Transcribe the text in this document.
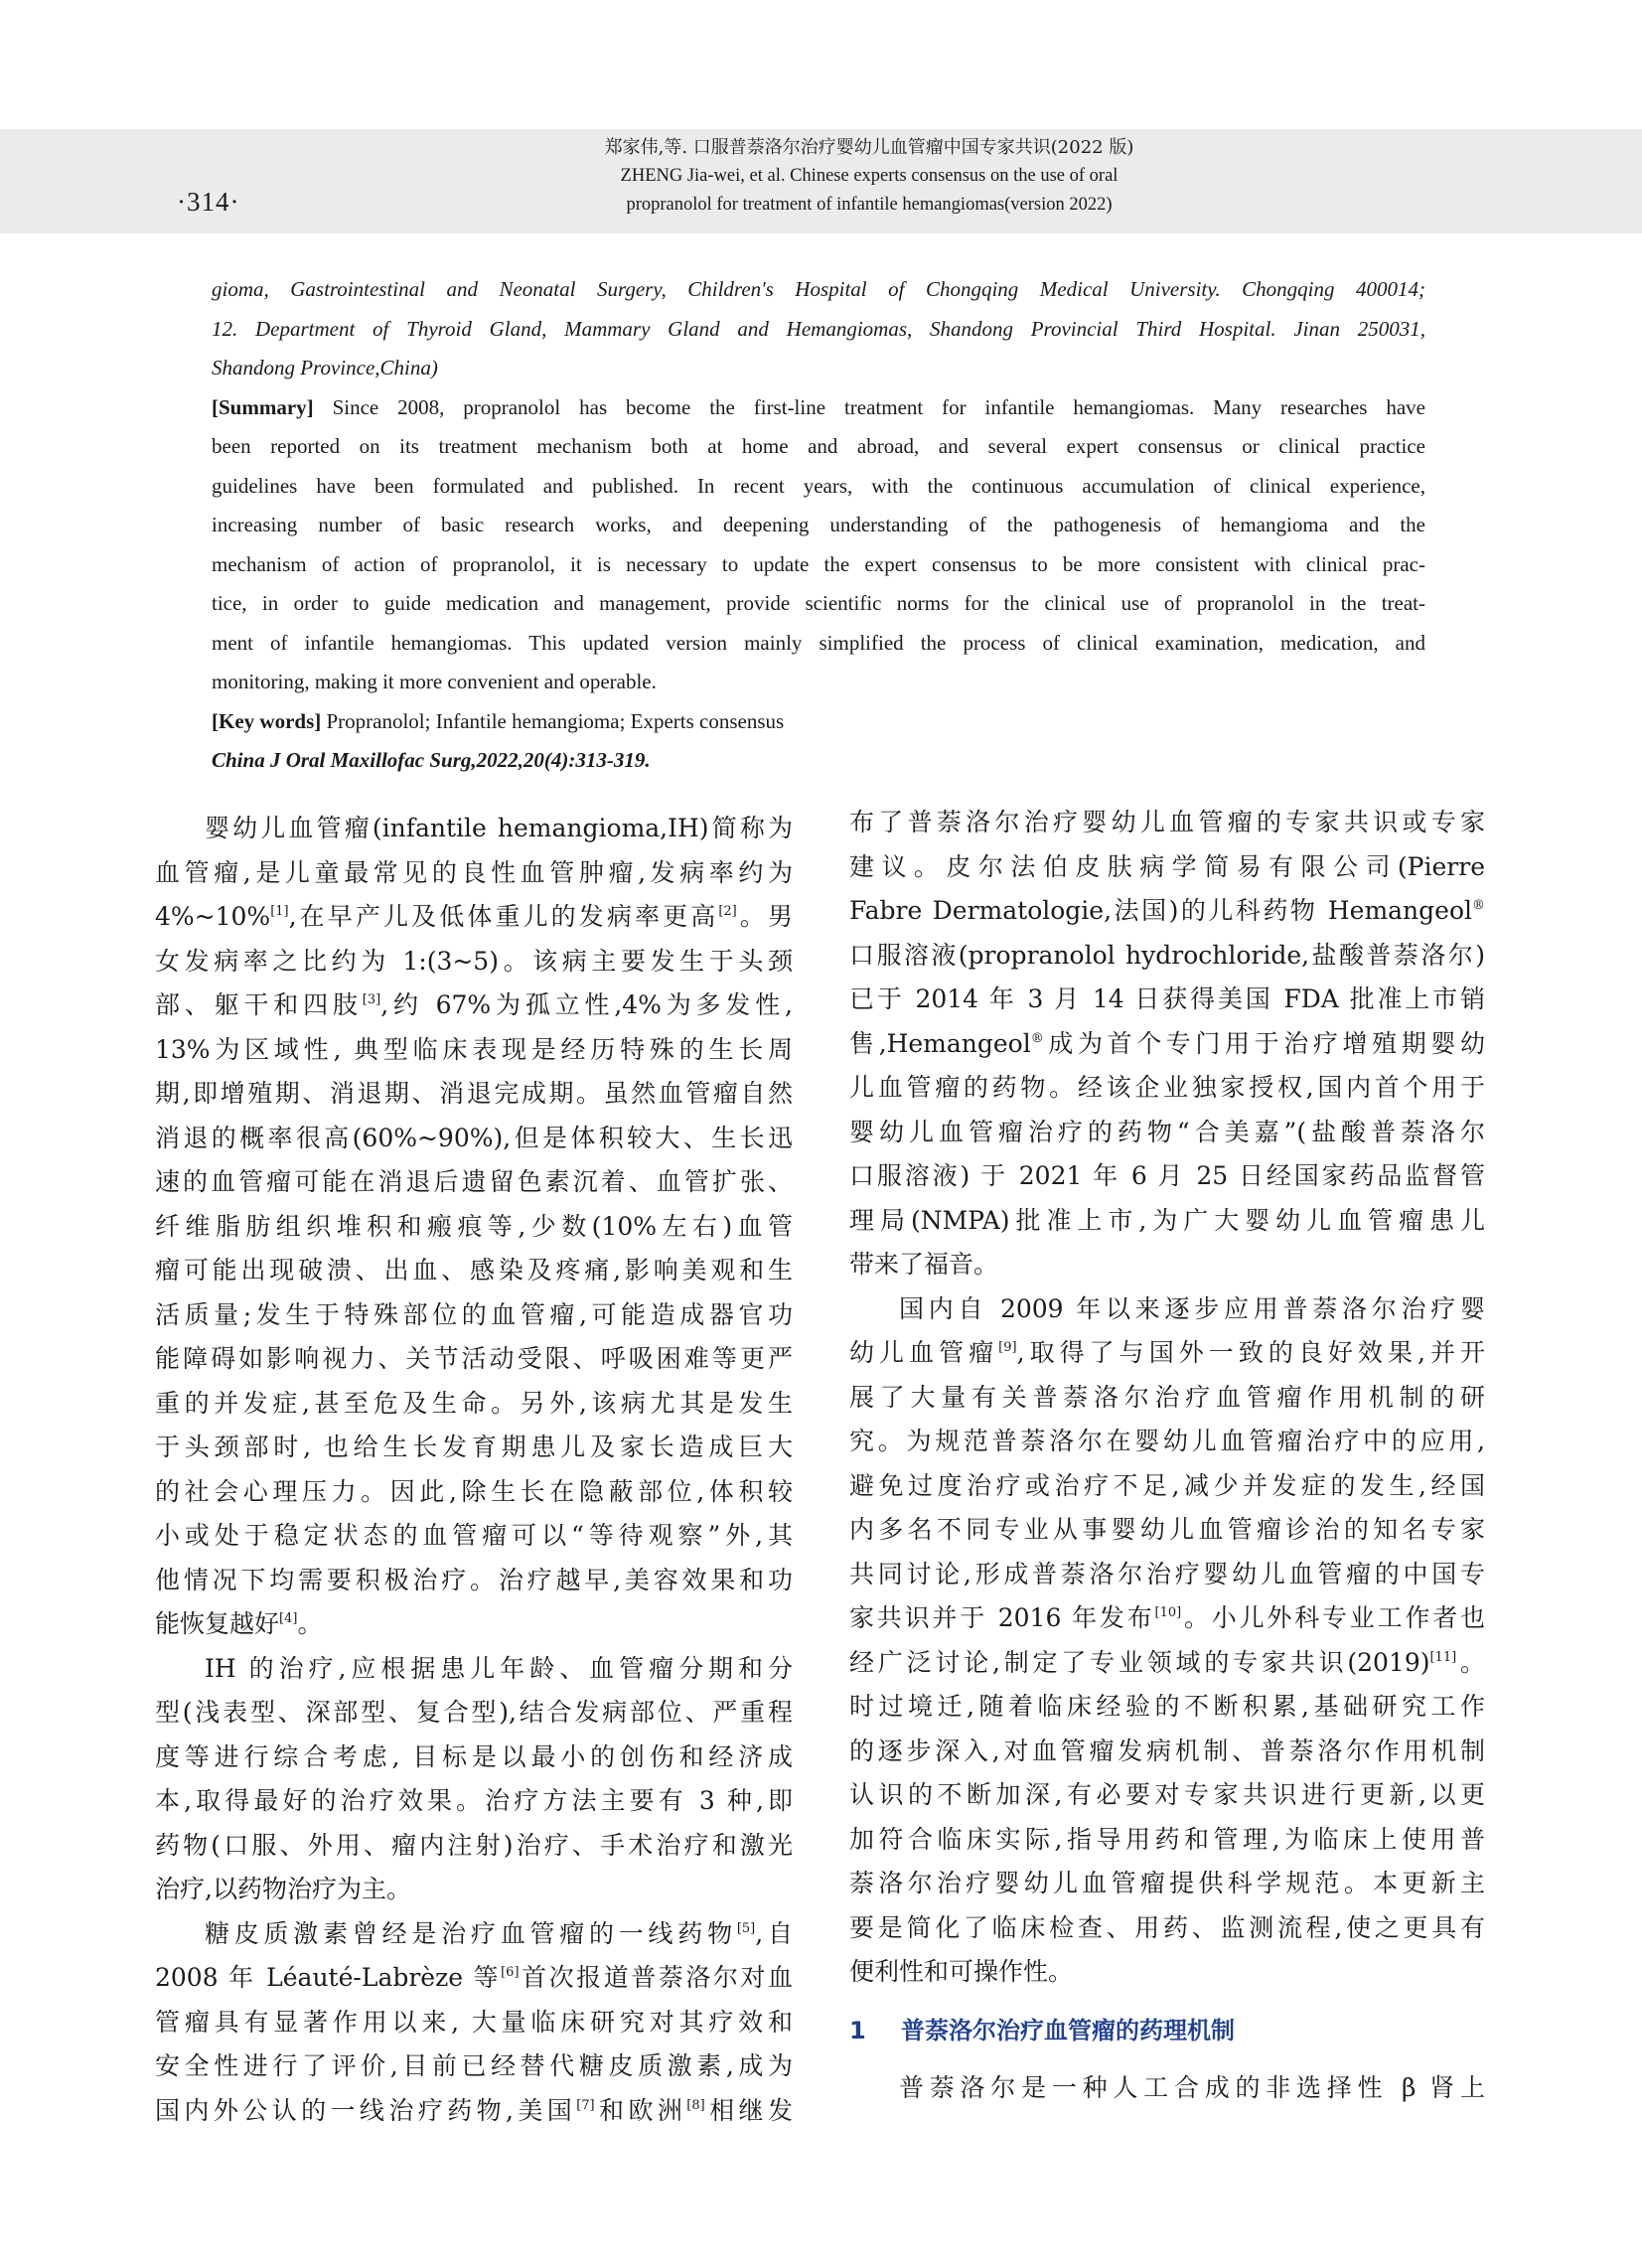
·314·
郑家伟,等. 口服普萘洛尔治疗婴幼儿血管瘤中国专家共识(2022 版)
ZHENG Jia-wei, et al. Chinese experts consensus on the use of oral
propranolol for treatment of infantile hemangiomas(version 2022)
gioma, Gastrointestinal and Neonatal Surgery, Children's Hospital of Chongqing Medical University. Chongqing 400014;
12. Department of Thyroid Gland, Mammary Gland and Hemangiomas, Shandong Provincial Third Hospital. Jinan 250031,
Shandong Province,China)
[Summary] Since 2008, propranolol has become the first-line treatment for infantile hemangiomas. Many researches have
been reported on its treatment mechanism both at home and abroad, and several expert consensus or clinical practice
guidelines have been formulated and published. In recent years, with the continuous accumulation of clinical experience,
increasing number of basic research works, and deepening understanding of the pathogenesis of hemangioma and the
mechanism of action of propranolol, it is necessary to update the expert consensus to be more consistent with clinical prac-
tice, in order to guide medication and management, provide scientific norms for the clinical use of propranolol in the treat-
ment of infantile hemangiomas. This updated version mainly simplified the process of clinical examination, medication, and
monitoring, making it more convenient and operable.
[Key words] Propranolol; Infantile hemangioma; Experts consensus
China J Oral Maxillofac Surg,2022,20(4):313-319.
婴幼儿血管瘤(infantile hemangioma,IH)简称为
血管瘤,是儿童最常见的良性血管肿瘤,发病率约为
4%~10%[1],在早产儿及低体重儿的发病率更高[2]。男
女发病率之比约为 1:(3~5)。该病主要发生于头颈
部、躯干和四肢[3],约 67%为孤立性,4%为多发性,
13%为区域性, 典型临床表现是经历特殊的生长周
期,即增殖期、消退期、消退完成期。虽然血管瘤自然
消退的概率很高(60%~90%),但是体积较大、生长迅
速的血管瘤可能在消退后遗留色素沉着、血管扩张、
纤维脂肪组织堆积和瘢痕等,少数(10%左右)血管
瘤可能出现破溃、出血、感染及疼痛,影响美观和生
活质量;发生于特殊部位的血管瘤,可能造成器官功
能障碍如影响视力、关节活动受限、呼吸困难等更严
重的并发症,甚至危及生命。另外,该病尤其是发生
于头颈部时, 也给生长发育期患儿及家长造成巨大
的社会心理压力。因此,除生长在隐蔽部位,体积较
小或处于稳定状态的血管瘤可以“等待观察”外,其
他情况下均需要积极治疗。治疗越早,美容效果和功
能恢复越好[4]。
IH 的治疗,应根据患儿年龄、血管瘤分期和分
型(浅表型、深部型、复合型),结合发病部位、严重程
度等进行综合考虑, 目标是以最小的创伤和经济成
本,取得最好的治疗效果。治疗方法主要有 3 种,即
药物(口服、外用、瘤内注射)治疗、手术治疗和激光
治疗,以药物治疗为主。
糖皮质激素曾经是治疗血管瘤的一线药物[5],自
2008 年 Léauté-Labrèze 等[6]首次报道普萘洛尔对血
管瘤具有显著作用以来, 大量临床研究对其疗效和
安全性进行了评价,目前已经替代糖皮质激素,成为
国内外公认的一线治疗药物,美国[7]和欧洲[8]相继发
布了普萘洛尔治疗婴幼儿血管瘤的专家共识或专家
建议。皮尔法伯皮肤病学简易有限公司(Pierre
Fabre Dermatologie,法国)的儿科药物 Hemangeol®
口服溶液(propranolol hydrochloride,盐酸普萘洛尔)
已于 2014 年 3 月 14 日获得美国 FDA 批准上市销
售,Hemangeol®成为首个专门用于治疗增殖期婴幼
儿血管瘤的药物。经该企业独家授权,国内首个用于
婴幼儿血管瘤治疗的药物“合美嘉”(盐酸普萘洛尔
口服溶液) 于 2021 年 6 月 25 日经国家药品监督管
理局(NMPA)批准上市,为广大婴幼儿血管瘤患儿
带来了福音。
国内自 2009 年以来逐步应用普萘洛尔治疗婴
幼儿血管瘤[9],取得了与国外一致的良好效果,并开
展了大量有关普萘洛尔治疗血管瘤作用机制的研
究。为规范普萘洛尔在婴幼儿血管瘤治疗中的应用,
避免过度治疗或治疗不足,减少并发症的发生,经国
内多名不同专业从事婴幼儿血管瘤诊治的知名专家
共同讨论,形成普萘洛尔治疗婴幼儿血管瘤的中国专
家共识并于 2016 年发布[10]。小儿外科专业工作者也
经广泛讨论,制定了专业领域的专家共识(2019)[11]。
时过境迁,随着临床经验的不断积累,基础研究工作
的逐步深入,对血管瘤发病机制、普萘洛尔作用机制
认识的不断加深,有必要对专家共识进行更新,以更
加符合临床实际,指导用药和管理,为临床上使用普
萘洛尔治疗婴幼儿血管瘤提供科学规范。本更新主
要是简化了临床检查、用药、监测流程,使之更具有
便利性和可操作性。
1 普萘洛尔治疗血管瘤的药理机制
普萘洛尔是一种人工合成的非选择性 β 肾上
